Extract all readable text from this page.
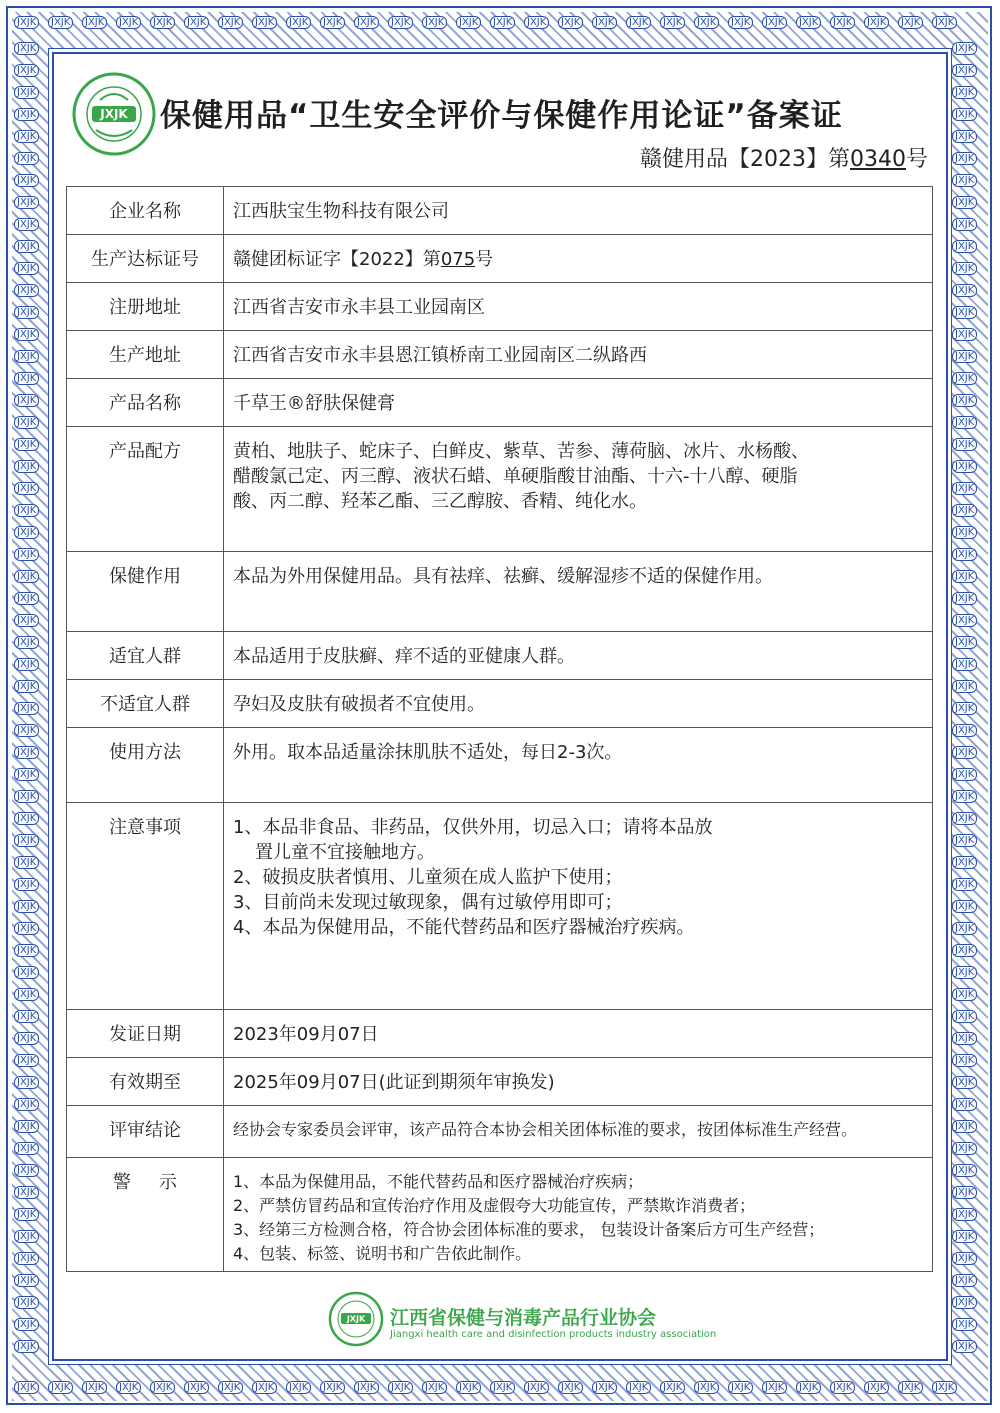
JXJK
JXJK
JXJK
JXJK
JXJK
JXJK
JXJK
JXJK
JXJK
JXJK
JXJK
JXJK
JXJK
JXJK
JXJK
JXJK
JXJK
JXJK
JXJK
JXJK
JXJK
JXJK
JXJK
JXJK
JXJK
JXJK
JXJK
JXJK
JXJK
JXJK
JXJK
JXJK
JXJK
JXJK
JXJK
JXJK
JXJK
JXJK
JXJK
JXJK
JXJK
JXJK
JXJK
JXJK
JXJK
JXJK
JXJK
JXJK
JXJK
JXJK
JXJK
JXJK
JXJK
JXJK
JXJK
JXJK
JXJK	JXJK
JXJK	JXJK
JXJK	JXJK
JXJK	JXJK
JXJK	JXJK
JXJK	JXJK
JXJK	JXJK
JXJK	JXJK
JXJK	JXJK
JXJK	JXJK
JXJK	JXJK
JXJK	JXJK
JXJK	JXJK
JXJK	JXJK
JXJK	JXJK
JXJK	JXJK
JXJK	JXJK
JXJK	JXJK
JXJK	JXJK
JXJK	JXJK
JXJK	JXJK
JXJK	JXJK
JXJK	JXJK
JXJK	JXJK
JXJK	JXJK
JXJK	JXJK
JXJK	JXJK
JXJK	JXJK
JXJK	JXJK
JXJK	JXJK
JXJK	JXJK
JXJK	JXJK
JXJK	JXJK
JXJK	JXJK
JXJK	JXJK
JXJK	JXJK
JXJK	JXJK
JXJK	JXJK
JXJK	JXJK
JXJK	JXJK
JXJK	JXJK
JXJK	JXJK
JXJK	JXJK
JXJK	JXJK
JXJK	JXJK
JXJK	JXJK
JXJK	JXJK
JXJK	JXJK
JXJK	JXJK
JXJK	JXJK
JXJK	JXJK
JXJK	JXJK
JXJK	JXJK
JXJK	JXJK
JXJK	JXJK
JXJK	JXJK
JXJK	JXJK
JXJK	JXJK
JXJK	JXJK
JXJK	JXJK
JXJK 保健用品“卫生安全评价与保健作用论证”备案证
赣健用品【2023】第0340号
企业名称	江西肤宝生物科技有限公司
生产达标证号	赣健团标证字【2022】第075号
注册地址	江西省吉安市永丰县工业园南区
生产地址	江西省吉安市永丰县恩江镇桥南工业园南区二纵路西
产品名称	千草王®舒肤保健膏
产品配方	黄柏、地肤子、蛇床子、白鲜皮、紫草、苦参、薄荷脑、冰片、水杨酸、
醋酸氯己定、丙三醇、液状石蜡、单硬脂酸甘油酯、十六-十八醇、硬脂
酸、丙二醇、羟苯乙酯、三乙醇胺、香精、纯化水。

保健作用	本品为外用保健用品。具有祛痒、祛癣、缓解湿疹不适的保健作用。
适宜人群	本品适用于皮肤癣、痒不适的亚健康人群。
不适宜人群	孕妇及皮肤有破损者不宜使用。
使用方法	外用。取本品适量涂抹肌肤不适处，每日2-3次。
注意事项	1、本品非食品、非药品，仅供外用，切忌入口；请将本品放
置儿童不宜接触地方。
2、破损皮肤者慎用、儿童须在成人监护下使用；
3、目前尚未发现过敏现象，偶有过敏停用即可；
4、本品为保健用品，不能代替药品和医疗器械治疗疾病。

发证日期	2023年09月07日
有效期至	2025年09月07日(此证到期须年审换发)
评审结论	经协会专家委员会评审，该产品符合本协会相关团体标准的要求，按团体标准生产经营。
警示	1、本品为保健用品，不能代替药品和医疗器械治疗疾病；
2、严禁仿冒药品和宣传治疗作用及虚假夸大功能宣传，严禁欺诈消费者；
3、经第三方检测合格，符合协会团体标准的要求， 包装设计备案后方可生产经营；
4、包装、标签、说明书和广告依此制作。
JXJK 江西省保健与消毒产品行业协会
Jiangxi health care and disinfection products industry association
